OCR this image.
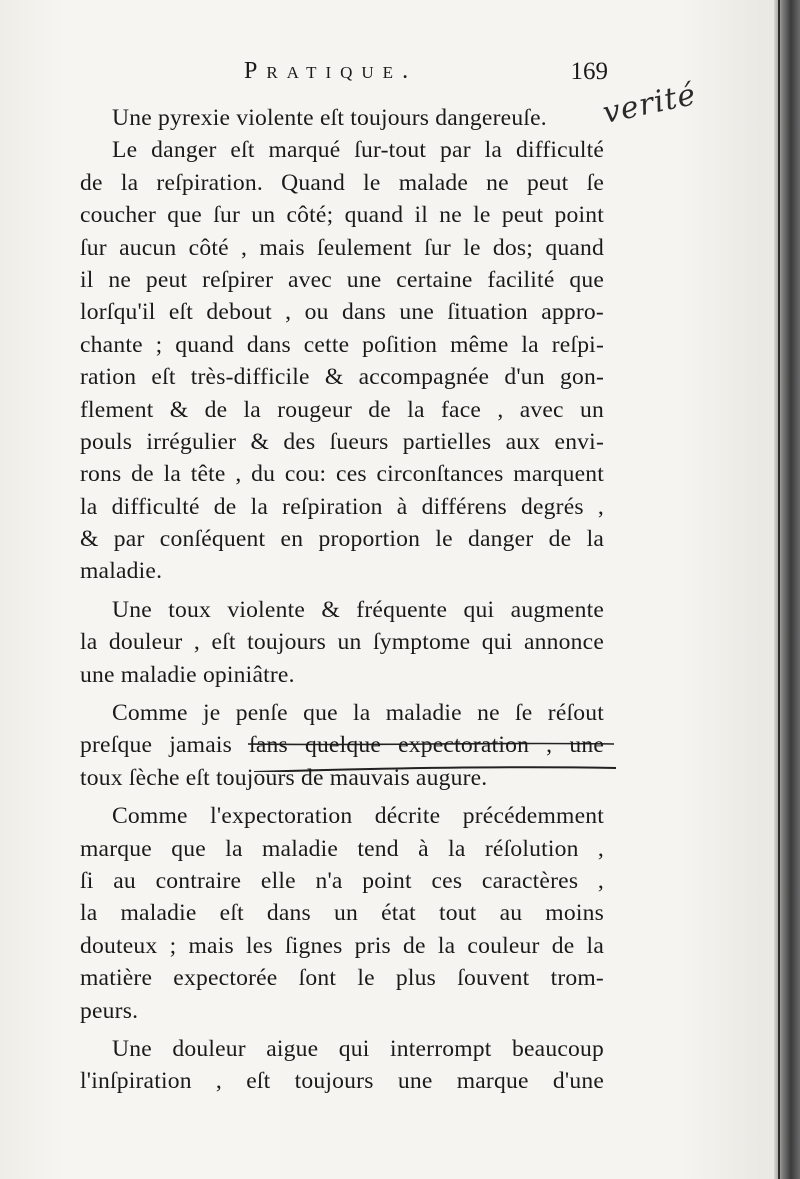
Pratique.	169
verité
Une pyrexie violente eſt toujours dangereuſe.
Le danger eſt marqué ſur-tout par la difficulté
de la reſpiration. Quand le malade ne peut ſe
coucher que ſur un côté; quand il ne le peut point
ſur aucun côté , mais ſeulement ſur le dos; quand
il ne peut reſpirer avec une certaine facilité que
lorſqu'il eſt debout , ou dans une ſituation appro-
chante ; quand dans cette poſition même la reſpi-
ration eſt très-difficile & accompagnée d'un gon-
flement & de la rougeur de la face , avec un
pouls irrégulier & des ſueurs partielles aux envi-
rons de la tête , du cou: ces circonſtances marquent
la difficulté de la reſpiration à différens degrés ,
& par conſéquent en proportion le danger de la
maladie.
Une toux violente & fréquente qui augmente
la douleur , eſt toujours un ſymptome qui annonce
une maladie opiniâtre.
Comme je penſe que la maladie ne ſe réſout
preſque jamais ſans quelque expectoration , une
toux ſèche eſt toujours de mauvais augure.
Comme l'expectoration décrite précédemment
marque que la maladie tend à la réſolution ,
ſi au contraire elle n'a point ces caractères ,
la maladie eſt dans un état tout au moins
douteux ; mais les ſignes pris de la couleur de la
matière expectorée ſont le plus ſouvent trom-
peurs.
Une douleur aigue qui interrompt beaucoup
l'inſpiration , eſt toujours une marque d'une
